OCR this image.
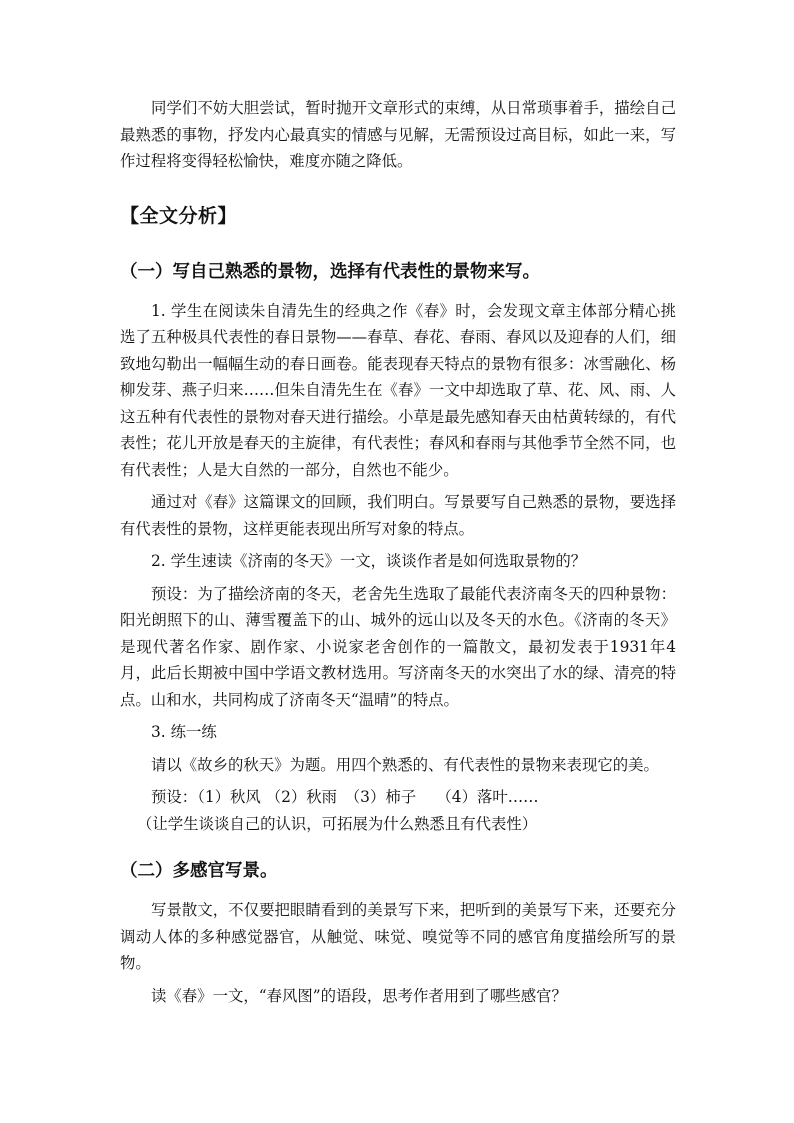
同学们不妨大胆尝试，暂时抛开文章形式的束缚，从日常琐事着手，描绘自己最熟悉的事物，抒发内心最真实的情感与见解，无需预设过高目标，如此一来，写作过程将变得轻松愉快，难度亦随之降低。

【全文分析】
（一）写自己熟悉的景物，选择有代表性的景物来写。

1. 学生在阅读朱自清先生的经典之作《春》时，会发现文章主体部分精心挑选了五种极具代表性的春日景物——春草、春花、春雨、春风以及迎春的人们，细致地勾勒出一幅幅生动的春日画卷。能表现春天特点的景物有很多：冰雪融化、杨柳发芽、燕子归来……但朱自清先生在《春》一文中却选取了草、花、风、雨、人这五种有代表性的景物对春天进行描绘。小草是最先感知春天由枯黄转绿的，有代表性；花儿开放是春天的主旋律，有代表性；春风和春雨与其他季节全然不同，也有代表性；人是大自然的一部分，自然也不能少。

通过对《春》这篇课文的回顾，我们明白。写景要写自己熟悉的景物，要选择有代表性的景物，这样更能表现出所写对象的特点。

2. 学生速读《济南的冬天》一文，谈谈作者是如何选取景物的？

预设：为了描绘济南的冬天，老舍先生选取了最能代表济南冬天的四种景物：阳光朗照下的山、薄雪覆盖下的山、城外的远山以及冬天的水色。《济南的冬天》是现代著名作家、剧作家、小说家老舍创作的一篇散文，最初发表于1931年4月，此后长期被中国中学语文教材选用。写济南冬天的水突出了水的绿、清亮的特点。山和水，共同构成了济南冬天“温晴”的特点。

3. 练一练

请以《故乡的秋天》为题。用四个熟悉的、有代表性的景物来表现它的美。

预设：（1）秋风 （2）秋雨　（3）柿子　 （4）落叶……

（让学生谈谈自己的认识，可拓展为什么熟悉且有代表性）

（二）多感官写景。

写景散文，不仅要把眼睛看到的美景写下来，把听到的美景写下来，还要充分调动人体的多种感觉器官，从触觉、味觉、嗅觉等不同的感官角度描绘所写的景物。

读《春》一文，“春风图”的语段，思考作者用到了哪些感官？
